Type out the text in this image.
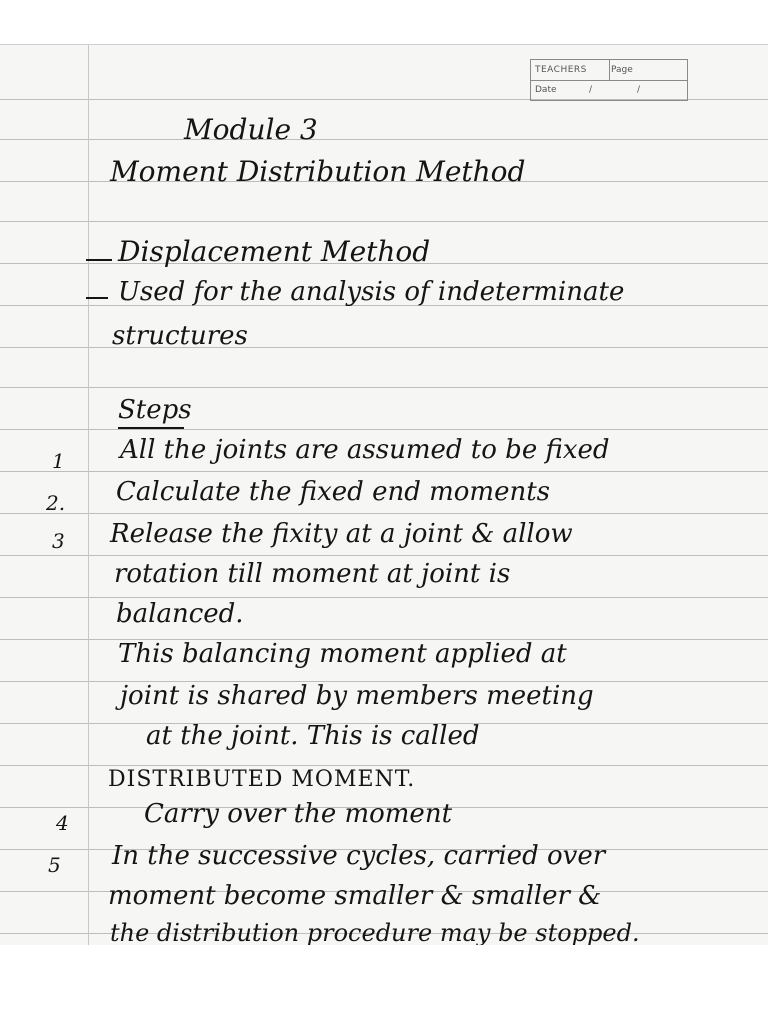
TEACHERS	Page
Date	/	/
Module 3
Moment Distribution Method
Displacement Method
Used for the analysis of indeterminate
structures
Steps
1 All the joints are assumed to be fixed
2. Calculate the fixed end moments
3 Release the fixity at a joint & allow
rotation till moment at joint is
balanced.
This balancing moment applied at
joint is shared by members meeting
at the joint. This is called
DISTRIBUTED MOMENT.
4	Carry over the moment
5 In the successive cycles, carried over
moment become smaller & smaller &
the distribution procedure may be stopped.
